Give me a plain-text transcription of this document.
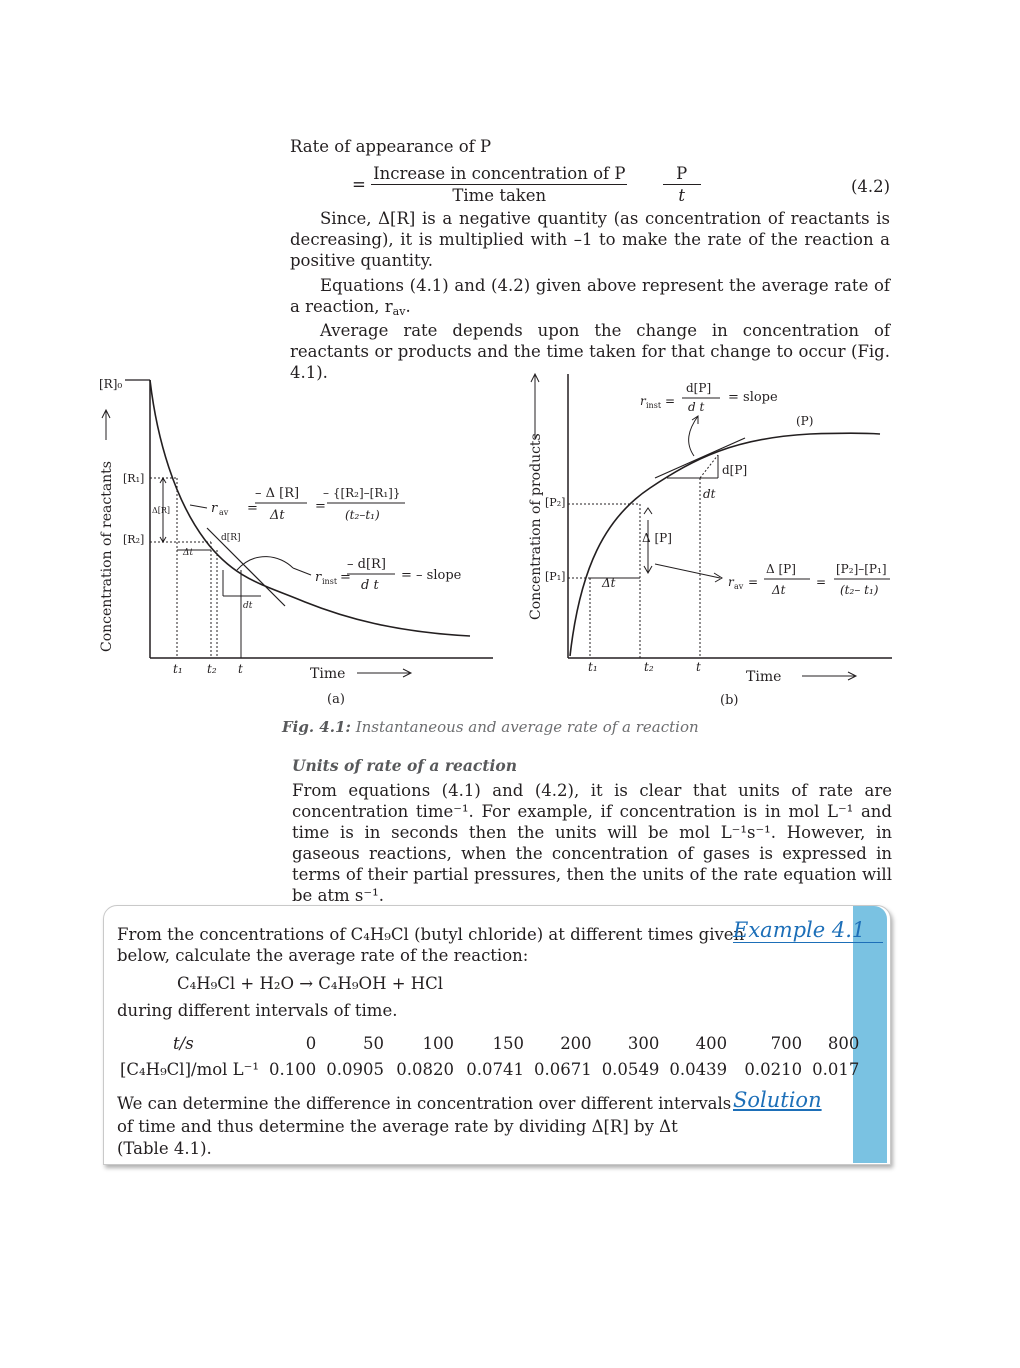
Rate of appearance of P
= $\frac{\text{Increase in concentration of P}}{\text{Time taken}}$
$\frac{P}{t}$	(4.2)
Since, Δ[R] is a negative quantity (as concentration of reactants is decreasing), it is multiplied with –1 to make the rate of the reaction a positive quantity.
Equations (4.1) and (4.2) given above represent the average rate of a reaction, rav.
Average rate depends upon the change in concentration of reactants or products and the time taken for that change to occur (Fig. 4.1).
[R]₀
[R₁]
[R₂]
Δ[R]
Δt
d[R]
dt
t₁ t₂ t	Time
(a)
r av =
– Δ [R]
Δt
=
– {[R₂]–[R₁]}
(t₂–t₁)
r inst =
– d[R]
d t
= – slope
Concentration of reactants	[P₁]
[P₂]
(P)
d[P]
dt
Δ [P]
Δt
t₁	t₂	t
Time
(b)
r inst =
d[P]
d t
= slope
r av =
Δ [P]
Δt
=
[P₂]–[P₁]
(t₂– t₁)
Concentration of products
Fig. 4.1: Instantaneous and average rate of a reaction
Units of rate of a reaction
From equations (4.1) and (4.2), it is clear that units of rate are concentration time⁻¹. For example, if concentration is in mol L⁻¹ and time is in seconds then the units will be mol L⁻¹s⁻¹. However, in gaseous reactions, when the concentration of gases is expressed in terms of their partial pressures, then the units of the rate equation will be atm s⁻¹.
From the concentrations of C₄H₉Cl (butyl chloride) at different times given
Example 4.1
below, calculate the average rate of the reaction:
C₄H₉Cl + H₂O → C₄H₉OH + HCl
during different intervals of time.
t/s	0	50	100	150	200	300	400	700	800
[C₄H₉Cl]/mol L⁻¹	0.100	0.0905	0.0820	0.0741	0.0671	0.0549	0.0439	0.0210	0.017
We can determine the difference in concentration over different intervals Solution
of time and thus determine the average rate by dividing Δ[R] by Δt
(Table 4.1).
